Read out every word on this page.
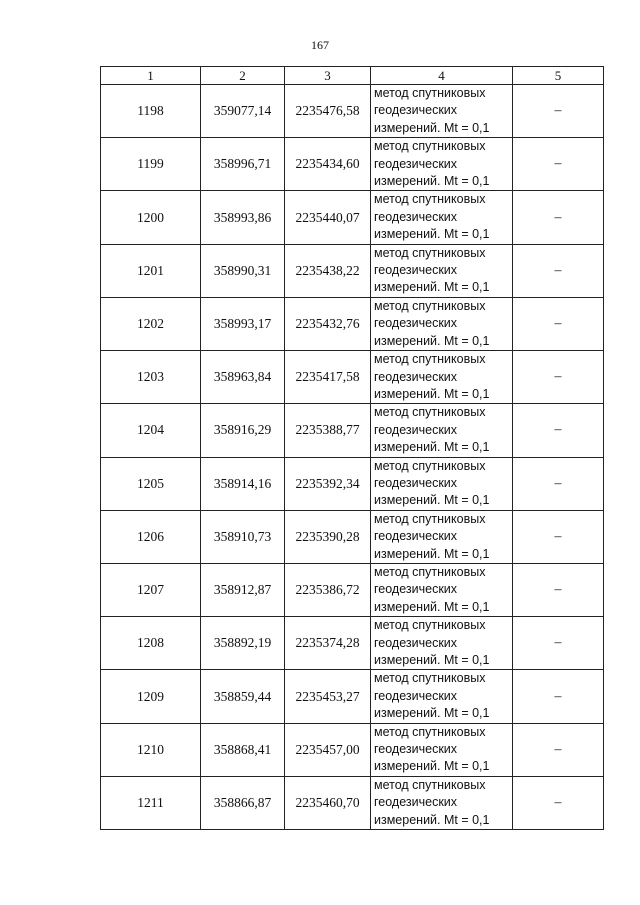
167
1	2	3	4	5
1198	359077,14	2235476,58	метод спутниковых
геодезических
измерений. Mt = 0,1	–
1199	358996,71	2235434,60	метод спутниковых
геодезических
измерений. Mt = 0,1	–
1200	358993,86	2235440,07	метод спутниковых
геодезических
измерений. Mt = 0,1	–
1201	358990,31	2235438,22	метод спутниковых
геодезических
измерений. Mt = 0,1	–
1202	358993,17	2235432,76	метод спутниковых
геодезических
измерений. Mt = 0,1	–
1203	358963,84	2235417,58	метод спутниковых
геодезических
измерений. Mt = 0,1	–
1204	358916,29	2235388,77	метод спутниковых
геодезических
измерений. Mt = 0,1	–
1205	358914,16	2235392,34	метод спутниковых
геодезических
измерений. Mt = 0,1	–
1206	358910,73	2235390,28	метод спутниковых
геодезических
измерений. Mt = 0,1	–
1207	358912,87	2235386,72	метод спутниковых
геодезических
измерений. Mt = 0,1	–
1208	358892,19	2235374,28	метод спутниковых
геодезических
измерений. Mt = 0,1	–
1209	358859,44	2235453,27	метод спутниковых
геодезических
измерений. Mt = 0,1	–
1210	358868,41	2235457,00	метод спутниковых
геодезических
измерений. Mt = 0,1	–
1211	358866,87	2235460,70	метод спутниковых
геодезических
измерений. Mt = 0,1	–
